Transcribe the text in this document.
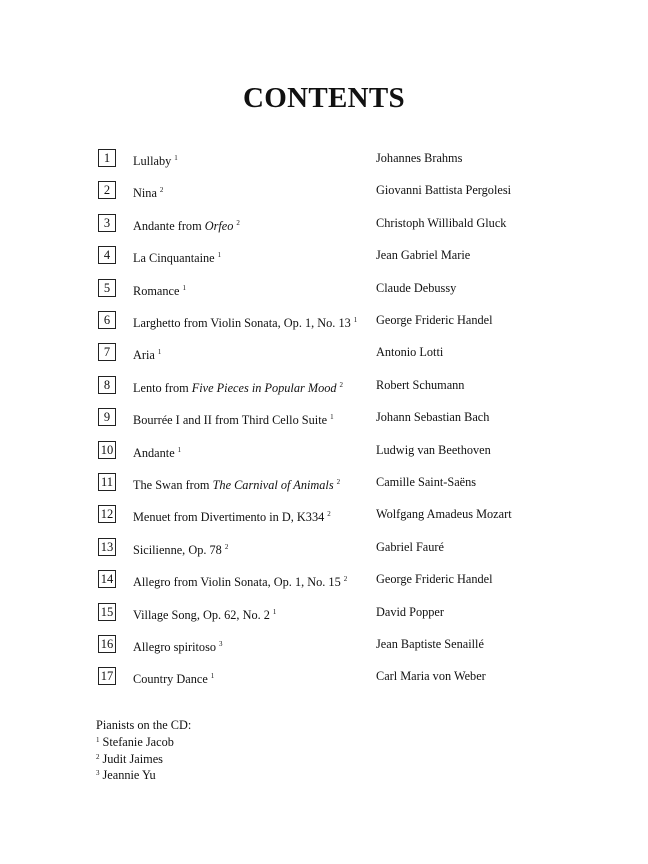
CONTENTS
1	Lullaby $^1$	Johannes Brahms
2	Nina $^2$	Giovanni Battista Pergolesi
3	Andante from Orfeo $^2$	Christoph Willibald Gluck
4	La Cinquantaine $^1$	Jean Gabriel Marie
5	Romance $^1$	Claude Debussy
6	Larghetto from Violin Sonata, Op. 1, No. 13 $^1$ George Frideric Handel
7	Aria $^1$	Antonio Lotti
8	Lento from Five Pieces in Popular Mood $^2$	Robert Schumann
9	Bourrée I and II from Third Cello Suite $^1$	Johann Sebastian Bach
10 Andante $^1$	Ludwig van Beethoven
11 The Swan from The Carnival of Animals $^2$	Camille Saint-Saëns
12 Menuet from Divertimento in D, K334 $^2$	Wolfgang Amadeus Mozart
13 Sicilienne, Op. 78 $^2$	Gabriel Fauré
14 Allegro from Violin Sonata, Op. 1, No. 15 $^2$ George Frideric Handel
15 Village Song, Op. 62, No. 2 $^1$	David Popper
16 Allegro spiritoso $^3$	Jean Baptiste Senaillé
17 Country Dance $^1$	Carl Maria von Weber
Pianists on the CD:
$^1$ Stefanie Jacob
$^2$ Judit Jaimes
$^3$ Jeannie Yu
